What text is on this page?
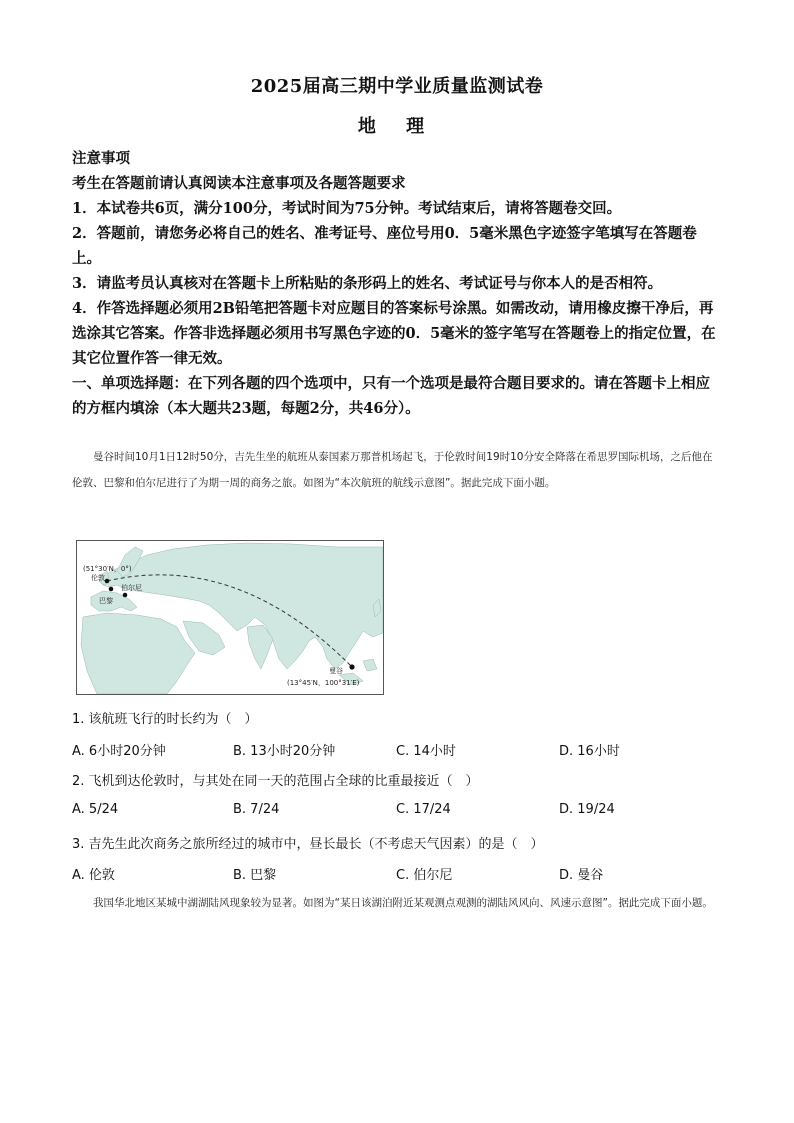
2025届高三期中学业质量监测试卷
地 理

注意事项

考生在答题前请认真阅读本注意事项及各题答题要求

1．本试卷共6页，满分100分，考试时间为75分钟。考试结束后，请将答题卷交回。

2．答题前，请您务必将自己的姓名、准考证号、座位号用0．5毫米黑色字迹签字笔填写在答题卷上。

3．请监考员认真核对在答题卡上所粘贴的条形码上的姓名、考试证号与你本人的是否相符。

4．作答选择题必须用2B铅笔把答题卡对应题目的答案标号涂黑。如需改动，请用橡皮擦干净后，再选涂其它答案。作答非选择题必须用书写黑色字迹的0．5毫米的签字笔写在答题卷上的指定位置，在其它位置作答一律无效。

一、单项选择题：在下列各题的四个选项中，只有一个选项是最符合题目要求的。请在答题卡上相应的方框内填涂（本大题共23题，每题2分，共46分）。

曼谷时间10月1日12时50分，吉先生坐的航班从泰国素万那普机场起飞，于伦敦时间19时10分安全降落在希思罗国际机场，之后他在伦敦、巴黎和伯尔尼进行了为期一周的商务之旅。如图为“本次航班的航线示意图”。据此完成下面小题。
(51°30′N，0°)
伦敦
巴黎
伯尔尼
曼谷
(13°45′N，100°31′E)
1. 该航班飞行的时长约为（　）
A. 6小时20分钟	B. 13小时20分钟	C. 14小时	D. 16小时
2. 飞机到达伦敦时，与其处在同一天的范围占全球的比重最接近（　）
A. 5/24	B. 7/24	C. 17/24	D. 19/24
3. 吉先生此次商务之旅所经过的城市中，昼长最长（不考虑天气因素）的是（　）
A. 伦敦	B. 巴黎	C. 伯尔尼	D. 曼谷
我国华北地区某城中湖湖陆风现象较为显著。如图为“某日该湖泊附近某观测点观测的湖陆风风向、风速示意图”。据此完成下面小题。
